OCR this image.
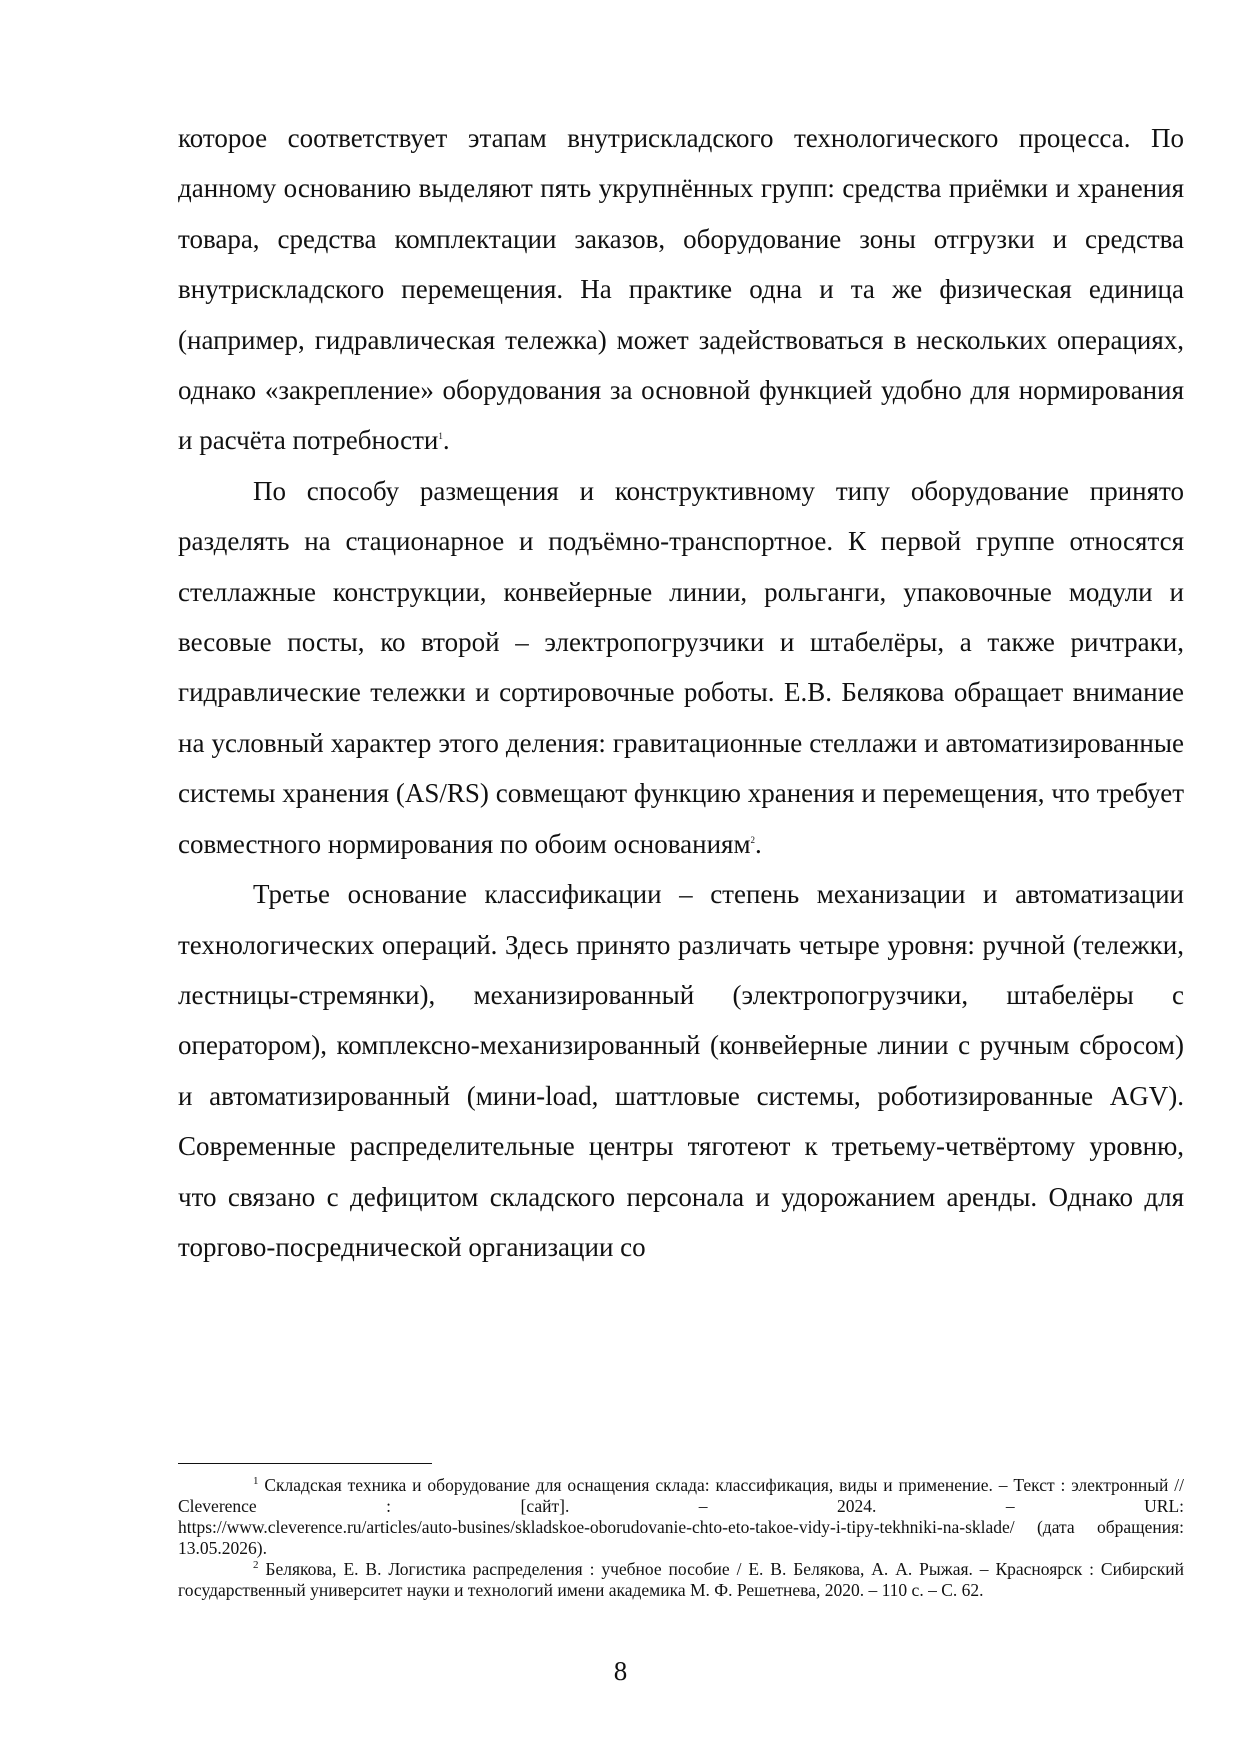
которое соответствует этапам внутрискладского технологического процесса. По данному основанию выделяют пять укрупнённых групп: средства приёмки и хранения товара, средства комплектации заказов, оборудование зоны отгрузки и средства внутрискладского перемещения. На практике одна и та же физическая единица (например, гидравлическая тележка) может задействоваться в нескольких операциях, однако «закрепление» оборудования за основной функцией удобно для нормирования и расчёта потребности$^1$.

По способу размещения и конструктивному типу оборудование принято разделять на стационарное и подъёмно-транспортное. К первой группе относятся стеллажные конструкции, конвейерные линии, рольганги, упаковочные модули и весовые посты, ко второй – электропогрузчики и штабелёры, а также ричтраки, гидравлические тележки и сортировочные роботы. Е.В. Белякова обращает внимание на условный характер этого деления: гравитационные стеллажи и автоматизированные системы хранения (AS/RS) совмещают функцию хранения и перемещения, что требует совместного нормирования по обоим основаниям$^2$.

Третье основание классификации – степень механизации и автоматизации технологических операций. Здесь принято различать четыре уровня: ручной (тележки, лестницы-стремянки), механизированный (электропогрузчики, штабелёры с оператором), комплексно-механизированный (конвейерные линии с ручным сбросом) и автоматизированный (мини-load, шаттловые системы, роботизированные AGV). Современные распределительные центры тяготеют к третьему-четвёртому уровню, что связано с дефицитом складского персонала и удорожанием аренды. Однако для торгово-посреднической организации со

$^1$ Складская техника и оборудование для оснащения склада: классификация, виды и применение. – Текст : электронный // Cleverence : [сайт]. – 2024. – URL: https://www.cleverence.ru/articles/auto-busines/skladskoe-oborudovanie-chto-eto-takoe-vidy-i-tipy-tekhniki-na-sklade/ (дата обращения: 13.05.2026).

$^2$ Белякова, Е. В. Логистика распределения : учебное пособие / Е. В. Белякова, А. А. Рыжая. – Красноярск : Сибирский государственный университет науки и технологий имени академика М. Ф. Решетнева, 2020. – 110 с. – С. 62.

8
